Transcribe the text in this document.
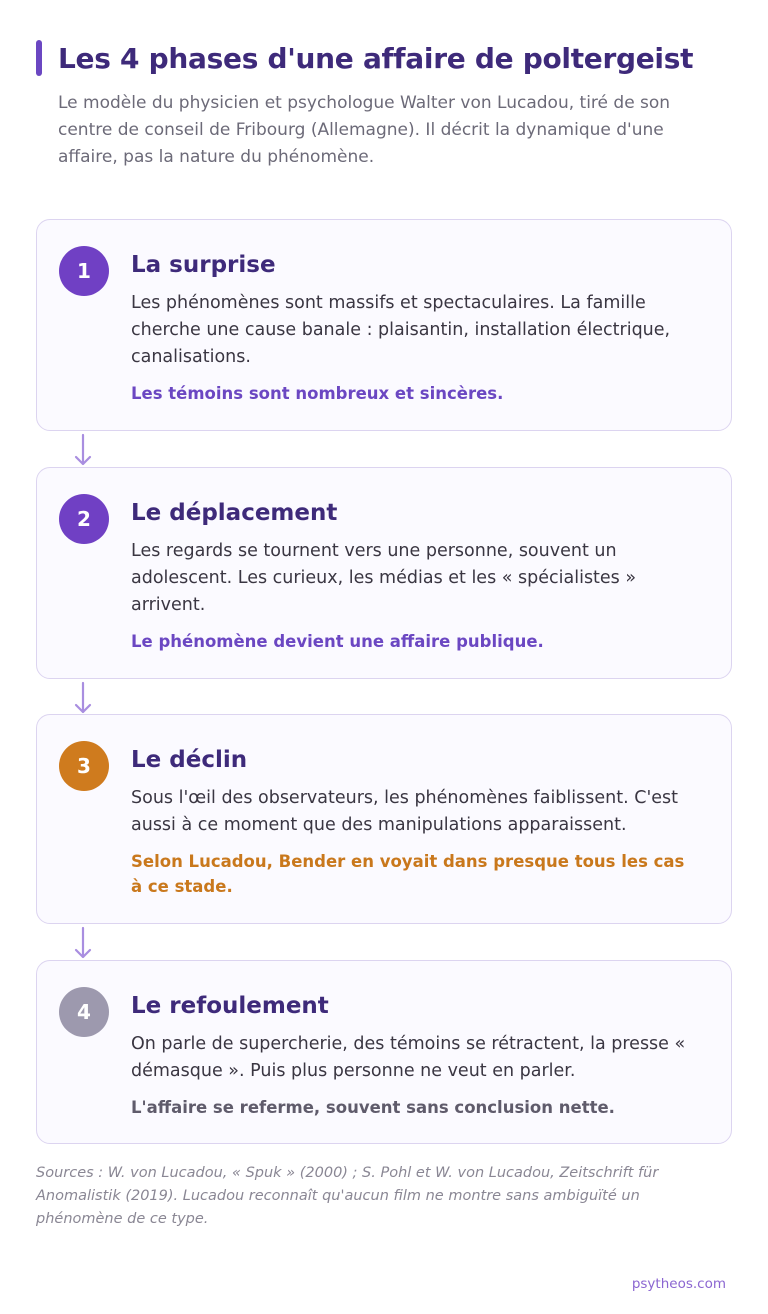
Les 4 phases d'une affaire de poltergeist

Le modèle du physicien et psychologue Walter von Lucadou, tiré de son centre de conseil de Fribourg (Allemagne). Il décrit la dynamique d'une affaire, pas la nature du phénomène.

1	La surprise
Les phénomènes sont massifs et spectaculaires. La famille cherche une cause banale : plaisantin, installation électrique, canalisations.
Les témoins sont nombreux et sincères.
2	Le déplacement
Les regards se tournent vers une personne, souvent un adolescent. Les curieux, les médias et les « spécialistes » arrivent.
Le phénomène devient une affaire publique.
3	Le déclin
Sous l'œil des observateurs, les phénomènes faiblissent. C'est aussi à ce moment que des manipulations apparaissent.
Selon Lucadou, Bender en voyait dans presque tous les cas à ce stade.
4	Le refoulement
On parle de supercherie, des témoins se rétractent, la presse « démasque ». Puis plus personne ne veut en parler.
L'affaire se referme, souvent sans conclusion nette.

Sources : W. von Lucadou, « Spuk » (2000) ; S. Pohl et W. von Lucadou, Zeitschrift für Anomalistik (2019). Lucadou reconnaît qu'aucun film ne montre sans ambiguïté un phénomène de ce type.

psytheos.com
